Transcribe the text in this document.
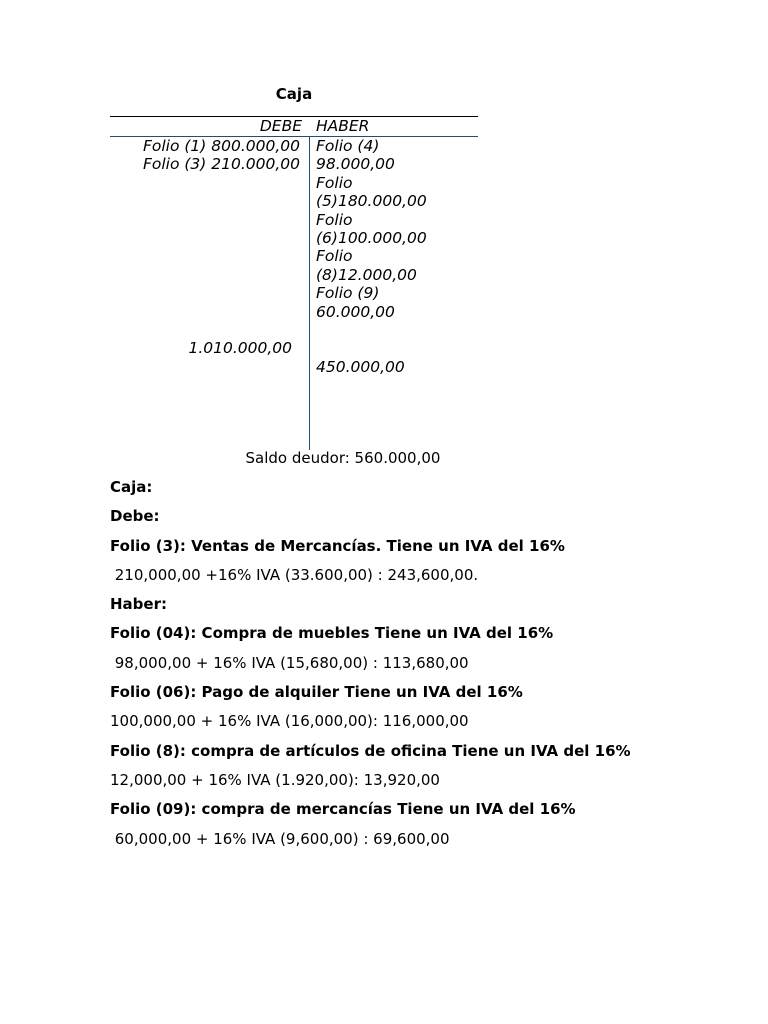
Caja
DEBE HABER
Folio (1) 800.000,00
Folio (3) 210.000,00
Folio (4)
98.000,00
Folio
(5)180.000,00
Folio
(6)100.000,00
Folio
(8)12.000,00
Folio (9)
60.000,00
1.010.000,00
450.000,00
Saldo deudor: 560.000,00
Caja:
Debe:
Folio (3): Ventas de Mercancías. Tiene un IVA del 16%
210,000,00 +16% IVA (33.600,00) : 243,600,00.
Haber:
Folio (04): Compra de muebles Tiene un IVA del 16%
98,000,00 + 16% IVA (15,680,00) : 113,680,00
Folio (06): Pago de alquiler Tiene un IVA del 16%
100,000,00 + 16% IVA (16,000,00): 116,000,00
Folio (8): compra de artículos de oficina Tiene un IVA del 16%
12,000,00 + 16% IVA (1.920,00): 13,920,00
Folio (09): compra de mercancías Tiene un IVA del 16%
60,000,00 + 16% IVA (9,600,00) : 69,600,00
